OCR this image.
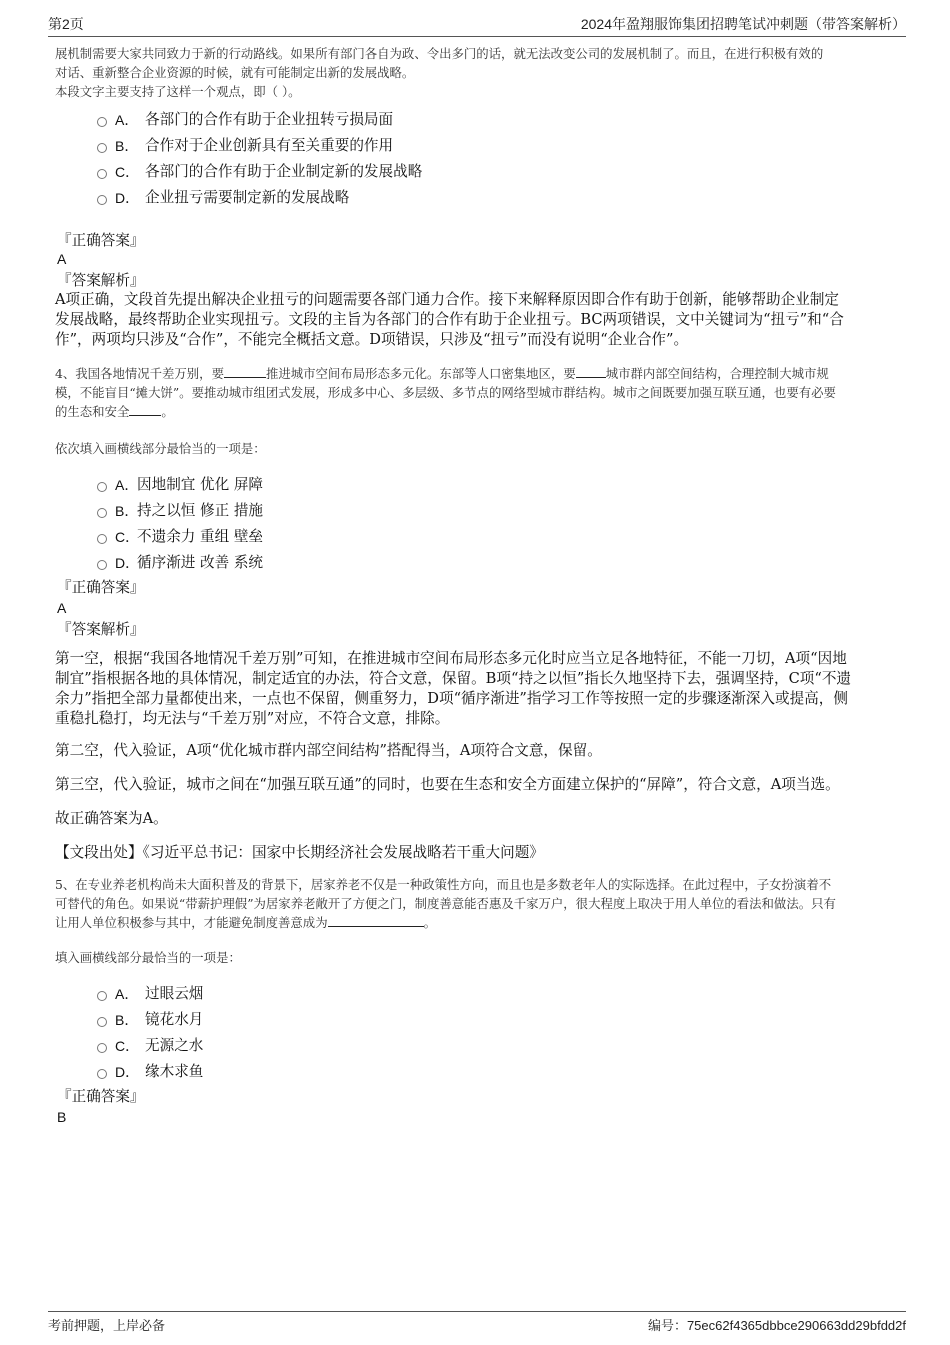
第2页	2024年盈翔服饰集团招聘笔试冲刺题（带答案解析）

展机制需要大家共同致力于新的行动路线。如果所有部门各自为政、令出多门的话，就无法改变公司的发展机制了。而且，在进行积极有效的

对话、重新整合企业资源的时候，就有可能制定出新的发展战略。

本段文字主要支持了这样一个观点，即（ ）。

A． 各部门的合作有助于企业扭转亏损局面
B． 合作对于企业创新具有至关重要的作用
C． 各部门的合作有助于企业制定新的发展战略
D． 企业扭亏需要制定新的发展战略

『正确答案』

A

『答案解析』

A项正确，文段首先提出解决企业扭亏的问题需要各部门通力合作。接下来解释原因即合作有助于创新，能够帮助企业制定

发展战略，最终帮助企业实现扭亏。文段的主旨为各部门的合作有助于企业扭亏。BC两项错误，文中关键词为“扭亏”和“合

作”，两项均只涉及“合作”，不能完全概括文意。D项错误，只涉及“扭亏”而没有说明“企业合作”。

4、我国各地情况千差万别，要	推进城市空间布局形态多元化。东部等人口密集地区，要 城市群内部空间结构，合理控制大城市规

模，不能盲目“摊大饼”。要推动城市组团式发展，形成多中心、多层级、多节点的网络型城市群结构。城市之间既要加强互联互通，也要有必要

的生态和安全	。

依次填入画横线部分最恰当的一项是：

A．
因地制宜 优化 屏障
B．
持之以恒 修正 措施
C．
不遗余力 重组 壁垒
D．
循序渐进 改善 系统

『正确答案』

A

『答案解析』

第一空，根据“我国各地情况千差万别”可知，在推进城市空间布局形态多元化时应当立足各地特征，不能一刀切，A项“因地

制宜”指根据各地的具体情况，制定适宜的办法，符合文意，保留。B项“持之以恒”指长久地坚持下去，强调坚持，C项“不遗

余力”指把全部力量都使出来，一点也不保留，侧重努力，D项“循序渐进”指学习工作等按照一定的步骤逐渐深入或提高，侧

重稳扎稳打，均无法与“千差万别”对应，不符合文意，排除。

第二空，代入验证，A项“优化城市群内部空间结构”搭配得当，A项符合文意，保留。

第三空，代入验证，城市之间在“加强互联互通”的同时，也要在生态和安全方面建立保护的“屏障”，符合文意，A项当选。

故正确答案为A。

【文段出处】《习近平总书记：国家中长期经济社会发展战略若干重大问题》

5、在专业养老机构尚未大面积普及的背景下，居家养老不仅是一种政策性方向，而且也是多数老年人的实际选择。在此过程中，子女扮演着不

可替代的角色。如果说“带薪护理假”为居家养老敞开了方便之门，制度善意能否惠及千家万户，很大程度上取决于用人单位的看法和做法。只有

让用人单位积极参与其中，才能避免制度善意成为	。

填入画横线部分最恰当的一项是：

A． 过眼云烟
B． 镜花水月
C． 无源之水
D． 缘木求鱼

『正确答案』

B

考前押题，上岸必备	编号：75ec62f4365dbbce290663dd29bfdd2f
